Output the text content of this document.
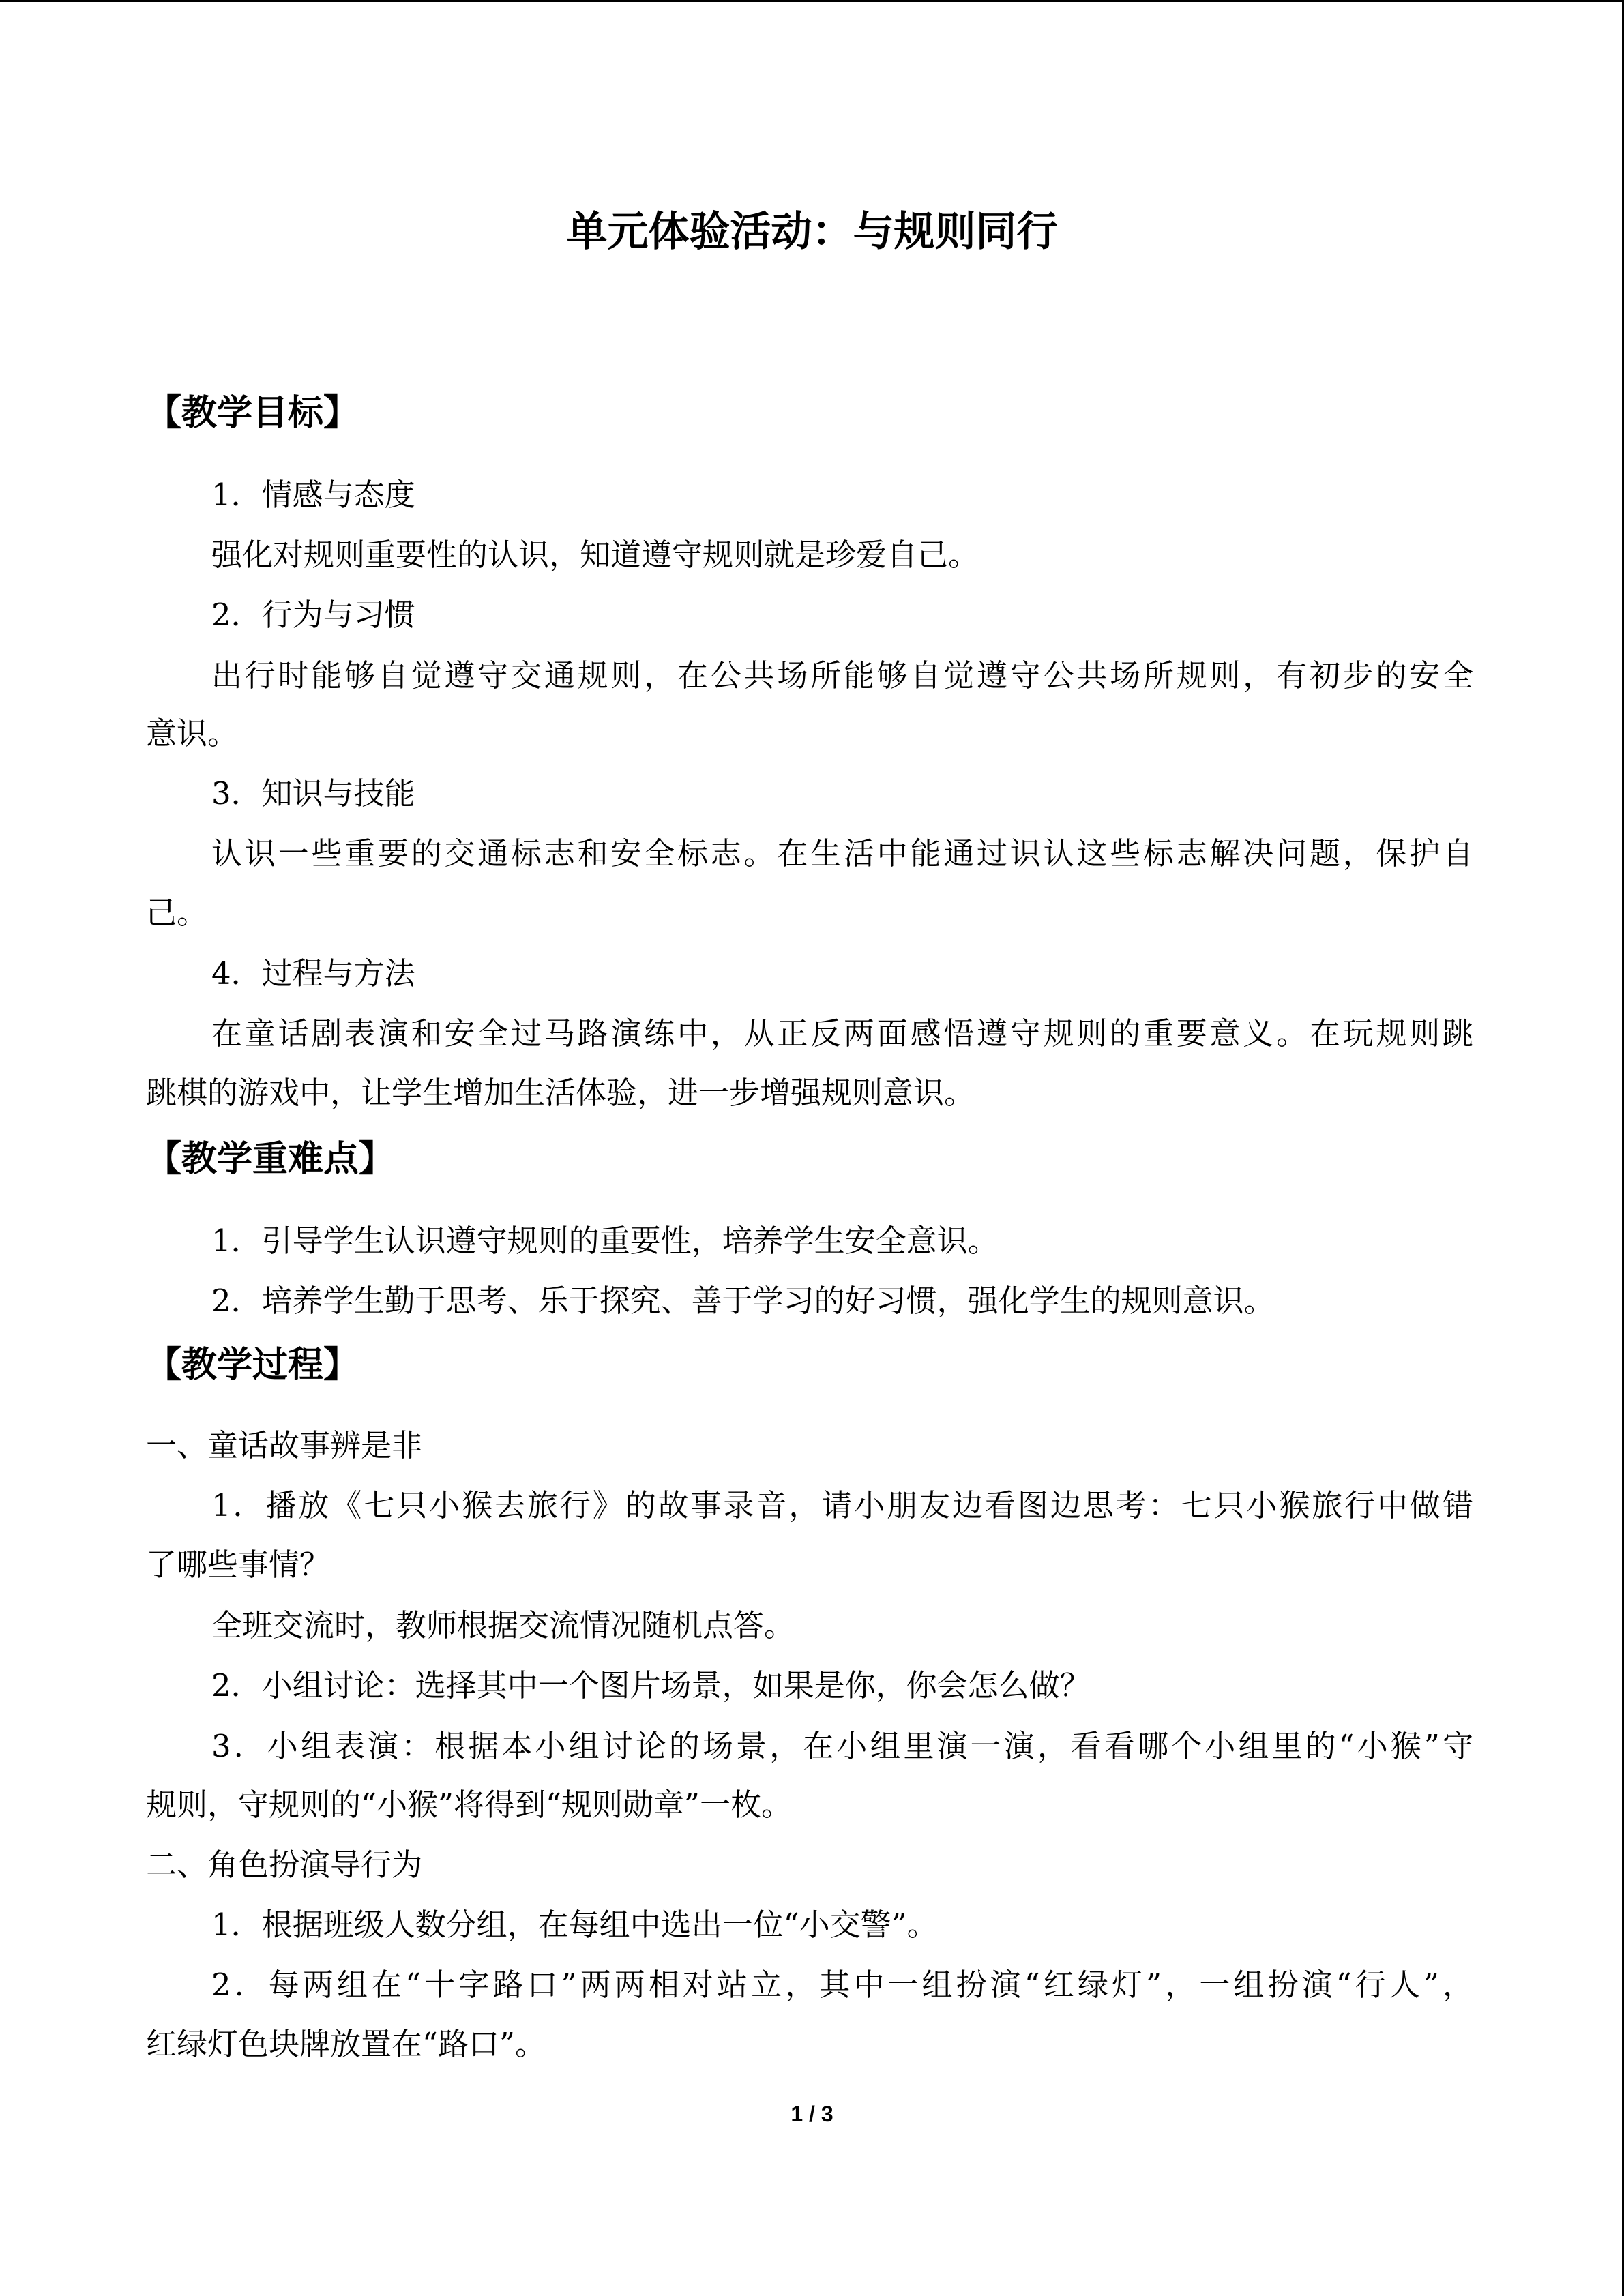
单元体验活动：与规则同行
【教学目标】
1．情感与态度
强化对规则重要性的认识，知道遵守规则就是珍爱自己。
2．行为与习惯
出行时能够自觉遵守交通规则，在公共场所能够自觉遵守公共场所规则，有初步的安全
意识。
3．知识与技能
认识一些重要的交通标志和安全标志。在生活中能通过识认这些标志解决问题，保护自
己。
4．过程与方法
在童话剧表演和安全过马路演练中，从正反两面感悟遵守规则的重要意义。在玩规则跳
跳棋的游戏中，让学生增加生活体验，进一步增强规则意识。
【教学重难点】
1．引导学生认识遵守规则的重要性，培养学生安全意识。
2．培养学生勤于思考、乐于探究、善于学习的好习惯，强化学生的规则意识。
【教学过程】
一、童话故事辨是非
1．播放《七只小猴去旅行》的故事录音，请小朋友边看图边思考：七只小猴旅行中做错
了哪些事情？
全班交流时，教师根据交流情况随机点答。
2．小组讨论：选择其中一个图片场景，如果是你，你会怎么做？
3．小组表演：根据本小组讨论的场景，在小组里演一演，看看哪个小组里的“小猴”守
规则，守规则的“小猴”将得到“规则勋章”一枚。
二、角色扮演导行为
1．根据班级人数分组，在每组中选出一位“小交警”。
2．每两组在“十字路口”两两相对站立，其中一组扮演“红绿灯”，一组扮演“行人”，
红绿灯色块牌放置在“路口”。
1 / 3
